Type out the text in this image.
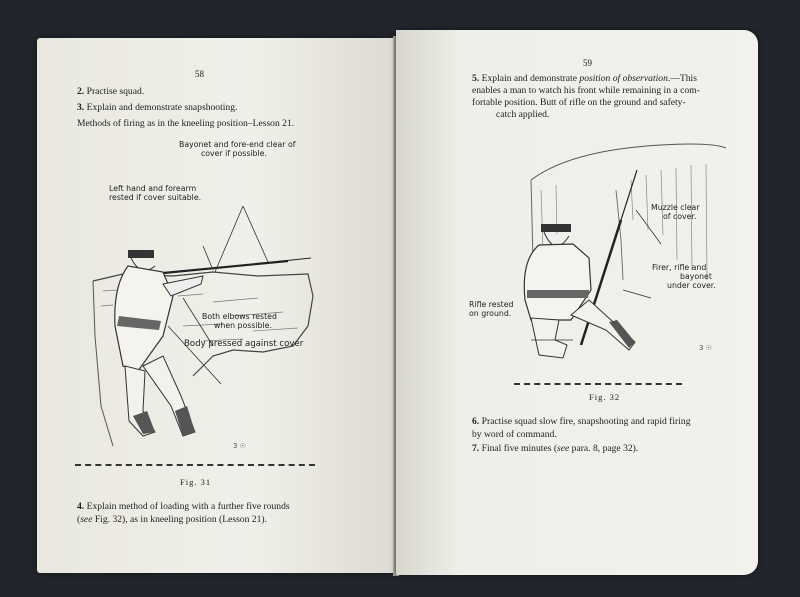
58
2. Practise squad.
3. Explain and demonstrate snapshooting.
Methods of firing as in the kneeling position–Lesson 21.
3 ☉
Bayonet and fore-end clear of
cover if possible.
Left hand and forearm
rested if cover suitable.
Both elbows rested
when possible.
Body pressed against cover
Fig. 31
4. Explain method of loading with a further five rounds
(see Fig. 32), as in kneeling position (Lesson 21).
59
5. Explain and demonstrate position of observation.—This
enables a man to watch his front while remaining in a com-
fortable position. Butt of rifle on the ground and safety-
catch applied.
3 ☉
Muzzle clear
of cover.
Firer, rifle and
bayonet
under cover.
Rifle rested
on ground.
Fig. 32
6. Practise squad slow fire, snapshooting and rapid firing
by word of command.
7. Final five minutes (see para. 8, page 32).
